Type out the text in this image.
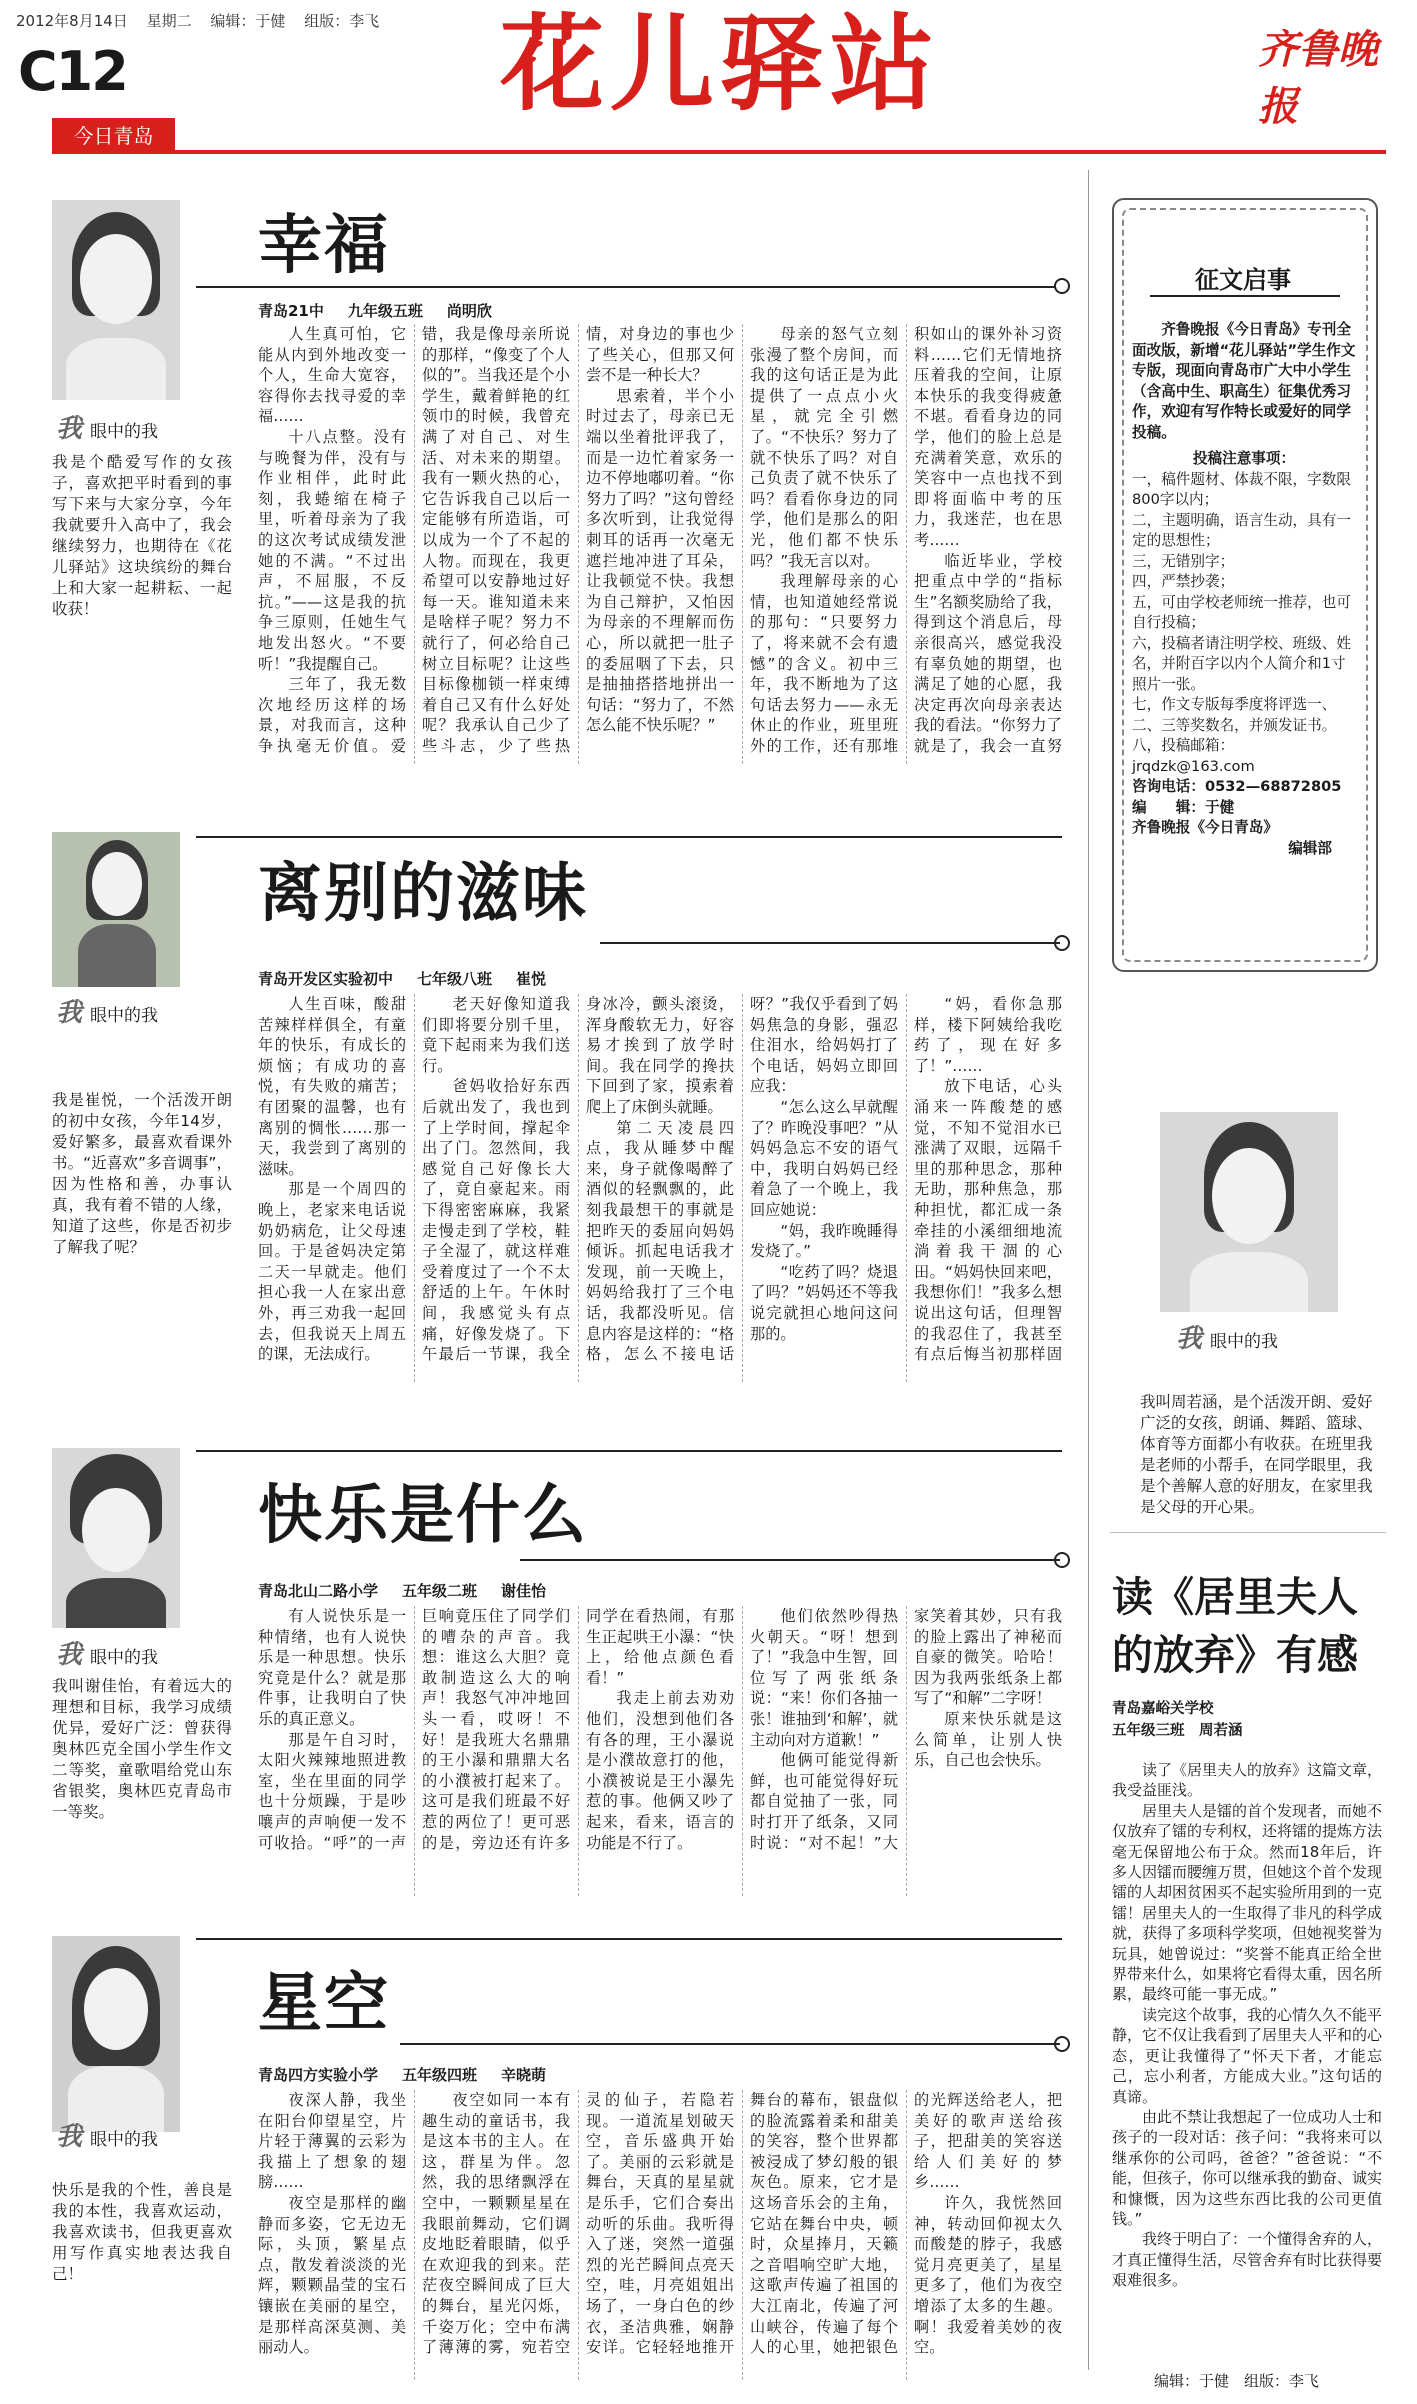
2012年8月14日 星期二 编辑：于健 组版：李飞
C12	花儿驿站	齐鲁晚报
今日青岛
我眼中的我
我是个酷爱写作的女孩子，喜欢把平时看到的事写下来与大家分享，今年我就要升入高中了，我会继续努力，也期待在《花儿驿站》这块缤纷的舞台上和大家一起耕耘、一起收获！
我眼中的我
我是崔悦，一个活泼开朗的初中女孩，今年14岁，爱好繁多，最喜欢看课外书。“近喜欢”多音调事”，因为性格和善，办事认真，我有着不错的人缘，知道了这些，你是否初步了解我了呢？
我眼中的我
我叫谢佳怡，有着远大的理想和目标，我学习成绩优异，爱好广泛：曾获得奥林匹克全国小学生作文二等奖，童歌唱给党山东省银奖，奥林匹克青岛市一等奖。
我眼中的我
快乐是我的个性，善良是我的本性，我喜欢运动，我喜欢读书，但我更喜欢用写作真实地表达我自己！
幸福
青岛21中 九年级五班 尚明欣

人生真可怕，它能从内到外地改变一个人，生命大宽容，容得你去找寻爱的幸福……

十八点整。没有与晚餐为伴，没有与作业相伴，此时此刻，我蜷缩在椅子里，听着母亲为了我的这次考试成绩发泄她的不满。“不过出声，不屈服，不反抗。”——这是我的抗争三原则，任她生气地发出怒火。“不要听！”我提醒自己。

三年了，我无数次地经历这样的场景，对我而言，这种争执毫无价值。爱错，我是像母亲所说的那样，“像变了个人似的”。当我还是个小学生，戴着鲜艳的红领巾的时候，我曾充满了对自己、对生活、对未来的期望。我有一颗火热的心，它告诉我自己以后一定能够有所造诣，可以成为一个了不起的人物。而现在，我更希望可以安静地过好每一天。谁知道未来是啥样子呢？努力不就行了，何必给自己树立目标呢？让这些目标像枷锁一样束缚着自己又有什么好处呢？我承认自己少了些斗志，少了些热情，对身边的事也少了些关心，但那又何尝不是一种长大？

思索着，半个小时过去了，母亲已无端以坐着批评我了，而是一边忙着家务一边不停地嘟叨着。“你努力了吗？”这句曾经多次听到，让我觉得刺耳的话再一次毫无遮拦地冲进了耳朵，让我顿觉不快。我想为自己辩护，又怕因为母亲的不理解而伤心，所以就把一肚子的委屈咽了下去，只是抽抽搭搭地拼出一句话：“努力了，不然怎么能不快乐呢？”

母亲的怒气立刻张漫了整个房间，而我的这句话正是为此提供了一点点小火星，就完全引燃了。“不快乐？努力了就不快乐了吗？对自己负责了就不快乐了吗？看看你身边的同学，他们是那么的阳光，他们都不快乐吗？”我无言以对。

我理解母亲的心情，也知道她经常说的那句：“只要努力了，将来就不会有遗憾”的含义。初中三年，我不断地为了这句话去努力——永无休止的作业，班里班外的工作，还有那堆积如山的课外补习资料……它们无情地挤压着我的空间，让原本快乐的我变得疲惫不堪。看看身边的同学，他们的脸上总是充满着笑意，欢乐的笑容中一点也找不到即将面临中考的压力，我迷茫，也在思考……

临近毕业，学校把重点中学的“指标生”名额奖励给了我，得到这个消息后，母亲很高兴，感觉我没有辜负她的期望，也满足了她的心愿，我决定再次向母亲表达我的看法。“你努力了就是了，我会一直努

离别的滋味
青岛开发区实验初中 七年级八班 崔悦

人生百味，酸甜苦辣样样俱全，有童年的快乐，有成长的烦恼；有成功的喜悦，有失败的痛苦；有团聚的温馨，也有离别的惆怅……那一天，我尝到了离别的滋味。

那是一个周四的晚上，老家来电话说奶奶病危，让父母速回。于是爸妈决定第二天一早就走。他们担心我一人在家出意外，再三劝我一起回去，但我说天上周五的课，无法成行。

老天好像知道我们即将要分别千里，竟下起雨来为我们送行。

爸妈收拾好东西后就出发了，我也到了上学时间，撑起伞出了门。忽然间，我感觉自己好像长大了，竟自豪起来。雨下得密密麻麻，我紧走慢走到了学校，鞋子全湿了，就这样难受着度过了一个不太舒适的上午。午休时间，我感觉头有点痛，好像发烧了。下午最后一节课，我全身冰冷，颤头滚烫，浑身酸软无力，好容易才挨到了放学时间。我在同学的搀扶下回到了家，摸索着爬上了床倒头就睡。

第二天凌晨四点，我从睡梦中醒来，身子就像喝醉了酒似的轻飘飘的，此刻我最想干的事就是把昨天的委屈向妈妈倾诉。抓起电话我才发现，前一天晚上，妈妈给我打了三个电话，我都没听见。信息内容是这样的：“格格，怎么不接电话呀？”我仅乎看到了妈妈焦急的身影，强忍住泪水，给妈妈打了个电话，妈妈立即回应我：

“怎么这么早就醒了？昨晚没事吧？”从妈妈急忘不安的语气中，我明白妈妈已经着急了一个晚上，我回应她说：

“妈，我昨晚睡得发烧了。”

“吃药了吗？烧退了吗？”妈妈还不等我说完就担心地问这问那的。

“妈，看你急那样，楼下阿姨给我吃药了，现在好多了！”……

放下电话，心头涌来一阵酸楚的感觉，不知不觉泪水已涨满了双眼，远隔千里的那种思念，那种无助，那种焦急，那种担忧，都汇成一条牵挂的小溪细细地流淌着我干涸的心田。“妈妈快回来吧，我想你们！”我多么想说出这句话，但理智的我忍住了，我甚至有点后悔当初那样固

快乐是什么
青岛北山二路小学 五年级二班 谢佳怡

有人说快乐是一种情绪，也有人说快乐是一种思想。快乐究竟是什么？就是那件事，让我明白了快乐的真正意义。

那是午自习时，太阳火辣辣地照进教室，坐在里面的同学也十分烦躁，于是吵嚷声的声响便一发不可收拾。“呼”的一声巨响竟压住了同学们的嘈杂的声音。我想：谁这么大胆？竟敢制造这么大的响声！我怒气冲冲地回头一看，哎呀！不好！是我班大名鼎鼎的王小瀑和鼎鼎大名的小濮被打起来了。这可是我们班最不好惹的两位了！更可恶的是，旁边还有许多同学在看热闹，有那生正起哄王小瀑：“快上，给他点颜色看看！”

我走上前去劝劝他们，没想到他们各有各的理，王小瀑说是小濮故意打的他，小濮被说是王小瀑先惹的事。他俩又吵了起来，看来，语言的功能是不行了。

他们依然吵得热火朝天。“呀！想到了！”我急中生智，回位写了两张纸条说：“来！你们各抽一张！谁抽到‘和解’，就主动向对方道歉！”

他俩可能觉得新鲜，也可能觉得好玩都自觉抽了一张，同时打开了纸条，又同时说：“对不起！”大家笑着其妙，只有我的脸上露出了神秘而自豪的微笑。哈哈！因为我两张纸条上都写了“和解”二字呀！

原来快乐就是这么简单，让别人快乐，自己也会快乐。

星空
青岛四方实验小学 五年级四班 辛晓萌

夜深人静，我坐在阳台仰望星空，片片轻于薄翼的云彩为我描上了想象的翅膀……

夜空是那样的幽静而多姿，它无边无际，头顶，繁星点点，散发着淡淡的光辉，颗颗晶莹的宝石镶嵌在美丽的星空，是那样高深莫测、美丽动人。

夜空如同一本有趣生动的童话书，我是这本书的主人。在这，群星为伴。忽然，我的思绪飘浮在空中，一颗颗星星在我眼前舞动，它们调皮地眨着眼睛，似乎在欢迎我的到来。茫茫夜空瞬间成了巨大的舞台，星光闪烁，千姿万化；空中布满了薄薄的雾，宛若空灵的仙子，若隐若现。一道流星划破天空，音乐盛典开始了。美丽的云彩就是舞台，天真的星星就是乐手，它们合奏出动听的乐曲。我听得入了迷，突然一道强烈的光芒瞬间点亮天空，哇，月亮姐姐出场了，一身白色的纱衣，圣洁典雅，娴静安详。它轻轻地推开舞台的幕布，银盘似的脸流露着柔和甜美的笑容，整个世界都被浸成了梦幻般的银灰色。原来，它才是这场音乐会的主角，它站在舞台中央，顿时，众星捧月，天籁之音唱响空旷大地，这歌声传遍了祖国的大江南北，传遍了河山峡谷，传遍了每个人的心里，她把银色的光辉送给老人，把美好的歌声送给孩子，把甜美的笑容送给人们美好的梦乡……

许久，我恍然回神，转动回仰视太久而酸楚的脖子，我感觉月亮更美了，星星更多了，他们为夜空增添了太多的生趣。啊！我爱着美妙的夜空。

征文启事

齐鲁晚报《今日青岛》专刊全面改版，新增“花儿驿站”学生作文专版，现面向青岛市广大中小学生（含高中生、职高生）征集优秀习作，欢迎有写作特长或爱好的同学投稿。

投稿注意事项：

一，稿件题材、体裁不限，字数限800字以内；

二，主题明确，语言生动，具有一定的思想性；

三，无错别字；

四，严禁抄袭；

五，可由学校老师统一推荐，也可自行投稿；

六，投稿者请注明学校、班级、姓名，并附百字以内个人简介和1寸照片一张。

七，作文专版每季度将评选一、二、三等奖数名，并颁发证书。

八，投稿邮箱：jrqdzk@163.com

咨询电话：0532—68872805

编　　辑：于健

齐鲁晚报《今日青岛》

编辑部

我眼中的我
我叫周若涵，是个活泼开朗、爱好广泛的女孩，朗诵、舞蹈、篮球、体育等方面都小有收获。在班里我是老师的小帮手，在同学眼里，我是个善解人意的好朋友，在家里我是父母的开心果。
读《居里夫人
的放弃》有感
青岛嘉峪关学校
五年级三班　周若涵

读了《居里夫人的放弃》这篇文章，我受益匪浅。

居里夫人是镭的首个发现者，而她不仅放弃了镭的专利权，还将镭的提炼方法毫无保留地公布于众。然而18年后，许多人因镭而腰缠万贯，但她这个首个发现镭的人却困贫困买不起实验所用到的一克镭！居里夫人的一生取得了非凡的科学成就，获得了多项科学奖项，但她视奖誉为玩具，她曾说过：“奖誉不能真正给全世界带来什么，如果将它看得太重，因名所累，最终可能一事无成。”

读完这个故事，我的心情久久不能平静，它不仅让我看到了居里夫人平和的心态，更让我懂得了“怀天下者，才能忘己，忘小利者，方能成大业。”这句话的真谛。

由此不禁让我想起了一位成功人士和孩子的一段对话：孩子问：“我将来可以继承你的公司吗，爸爸？”爸爸说：“不能，但孩子，你可以继承我的勤奋、诚实和慷慨，因为这些东西比我的公司更值钱。”

我终于明白了：一个懂得舍弃的人，才真正懂得生活，尽管舍弃有时比获得要艰难很多。

编辑：于健　组版：李飞
